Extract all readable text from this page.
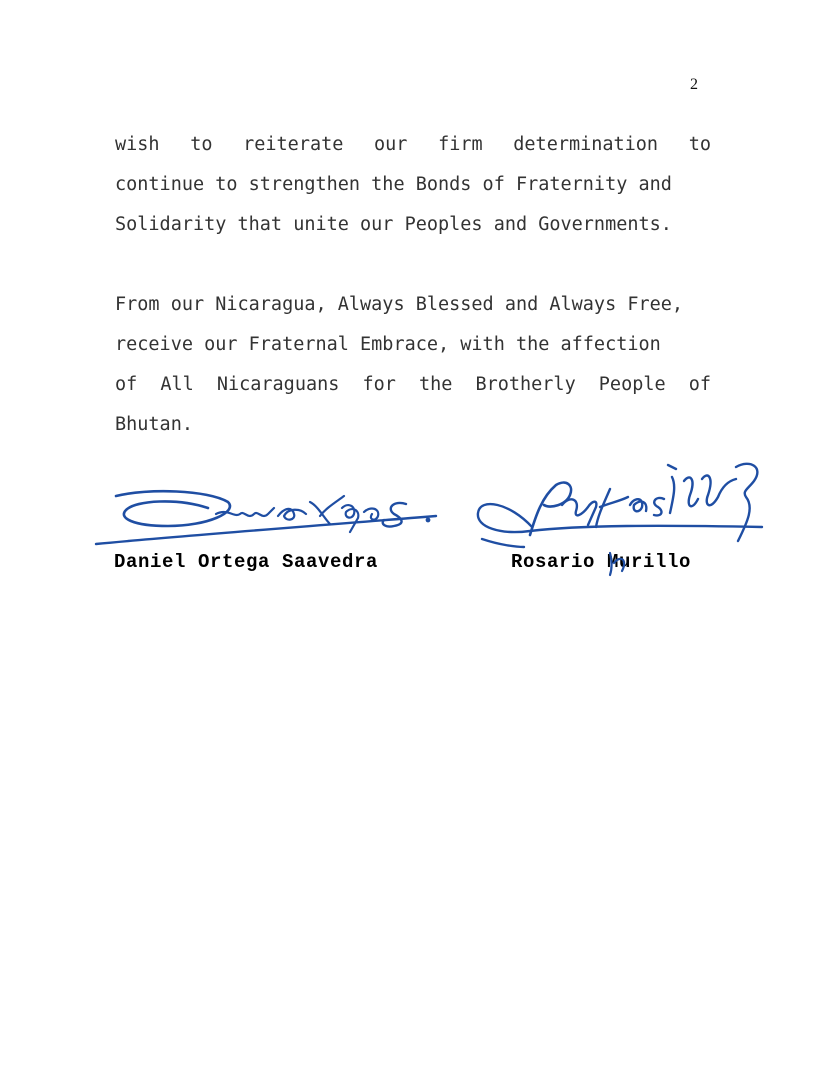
2
wish to reiterate our firm determination to
continue to strengthen the Bonds of Fraternity and
Solidarity that unite our Peoples and Governments.
From our Nicaragua, Always Blessed and Always Free,
receive our Fraternal Embrace, with the affection
of All Nicaraguans for the Brotherly People of
Bhutan.
Daniel Ortega Saavedra	Rosario Murillo
